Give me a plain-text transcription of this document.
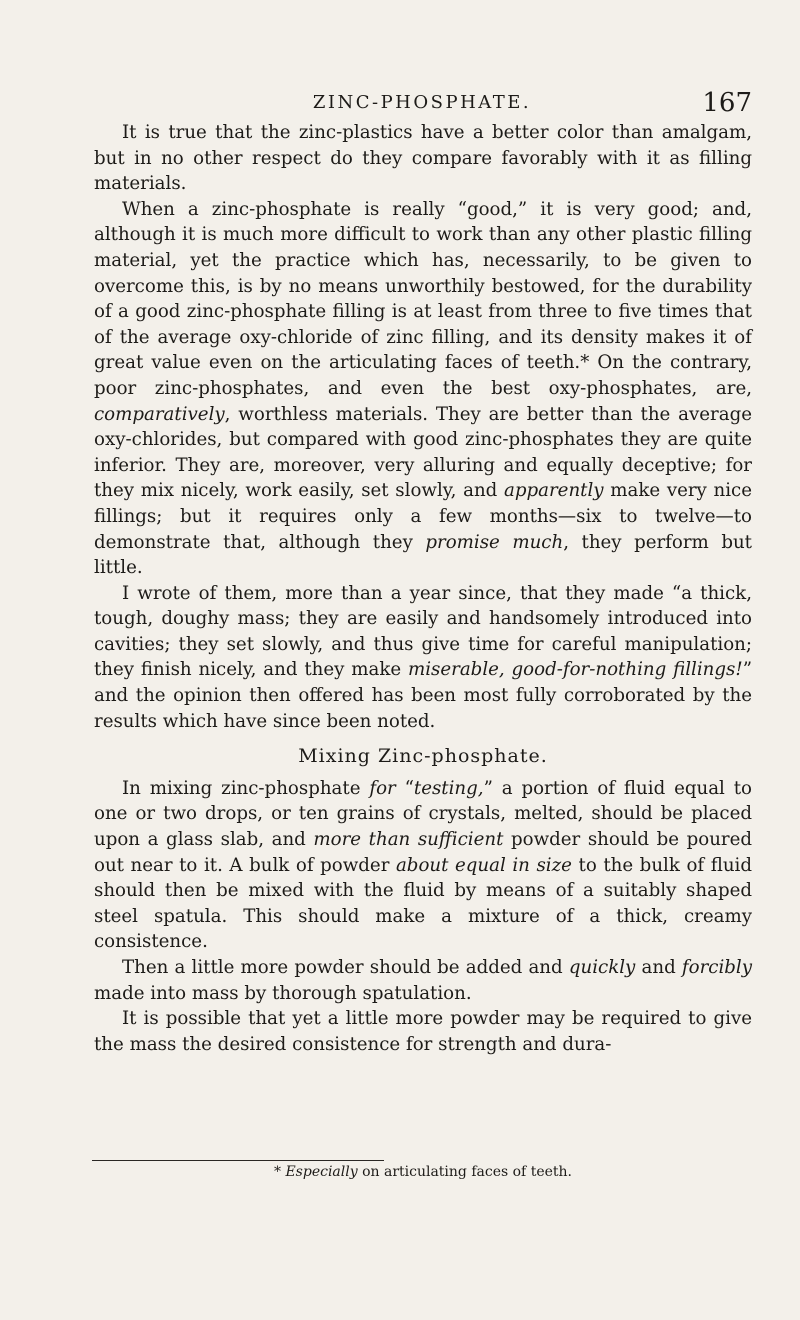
ZINC-PHOSPHATE.	167

It is true that the zinc-plastics have a better color than amalgam, but in no other respect do they compare favorably with it as filling materials.

When a zinc-phosphate is really “good,” it is very good; and, although it is much more difficult to work than any other plastic filling material, yet the practice which has, necessarily, to be given to overcome this, is by no means unworthily bestowed, for the durability of a good zinc-phosphate filling is at least from three to five times that of the average oxy-chloride of zinc filling, and its density makes it of great value even on the articulating faces of teeth.* On the contrary, poor zinc-phosphates, and even the best oxy-phosphates, are, comparatively, worthless materials. They are better than the average oxy-chlorides, but compared with good zinc-phosphates they are quite inferior. They are, moreover, very alluring and equally deceptive; for they mix nicely, work easily, set slowly, and apparently make very nice fillings; but it requires only a few months—six to twelve—to demonstrate that, although they promise much, they perform but little.

I wrote of them, more than a year since, that they made “a thick, tough, doughy mass; they are easily and handsomely introduced into cavities; they set slowly, and thus give time for careful manipulation; they finish nicely, and they make miserable, good-for-nothing fillings!” and the opinion then offered has been most fully corroborated by the results which have since been noted.

Mixing Zinc-phosphate.

In mixing zinc-phosphate for “testing,” a portion of fluid equal to one or two drops, or ten grains of crystals, melted, should be placed upon a glass slab, and more than sufficient powder should be poured out near to it. A bulk of powder about equal in size to the bulk of fluid should then be mixed with the fluid by means of a suitably shaped steel spatula. This should make a mixture of a thick, creamy consistence.

Then a little more powder should be added and quickly and forcibly made into mass by thorough spatulation.

It is possible that yet a little more powder may be required to give the mass the desired consistence for strength and dura-

* Especially on articulating faces of teeth.
